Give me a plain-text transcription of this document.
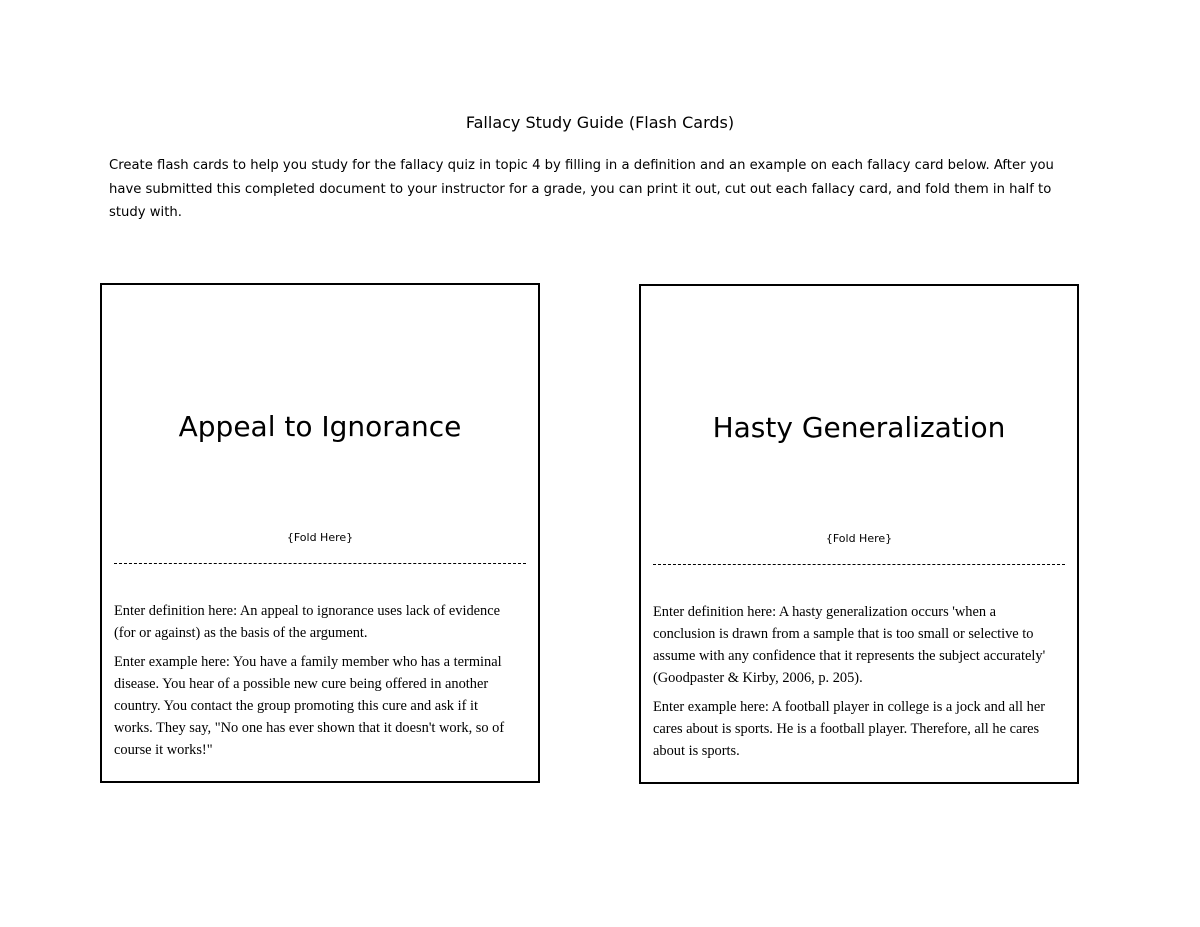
Fallacy Study Guide (Flash Cards)

Create flash cards to help you study for the fallacy quiz in topic 4 by filling in a definition and an example on each fallacy card below. After you have submitted this completed document to your instructor for a grade, you can print it out, cut out each fallacy card, and fold them in half to study with.

Appeal to Ignorance
{Fold Here}

Enter definition here: An appeal to ignorance uses lack of evidence (for or against) as the basis of the argument.

Enter example here: You have a family member who has a terminal disease. You hear of a possible new cure being offered in another country. You contact the group promoting this cure and ask if it works. They say, "No one has ever shown that it doesn't work, so of course it works!"

Hasty Generalization
{Fold Here}

Enter definition here: A hasty generalization occurs 'when a conclusion is drawn from a sample that is too small or selective to assume with any confidence that it represents the subject accurately' (Goodpaster & Kirby, 2006, p. 205).

Enter example here: A football player in college is a jock and all her cares about is sports. He is a football player. Therefore, all he cares about is sports.
